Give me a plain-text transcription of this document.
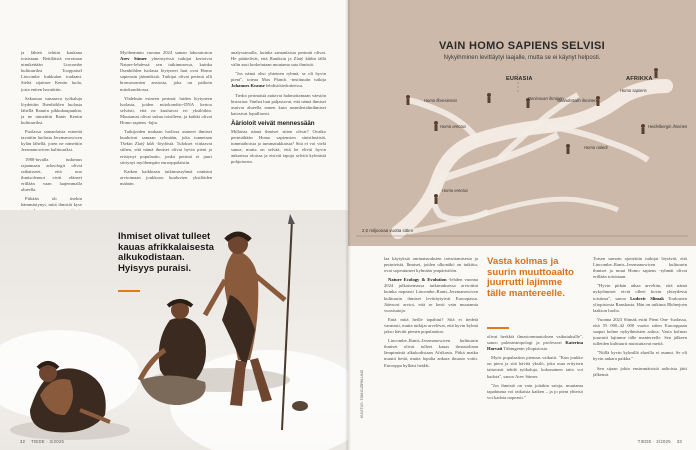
ja lähteä tehtiin kaukana toisistaan. Bettiläisiä verrataan nimikettään Lincombe kulttuuriksi Tooppaisel Lincombe kukkulan tradaani. Sieltä sijaitsee Kentin luola, josta eniten havaittiin.

Sakaasaa vanaaava työkaluja löydettiin Ilsenhöhlen luolasta lähellä Rannin pikkukaupunkia, ja ne nimettiin Ranis Kentin kulttuuriksi.

Puolassa samanlaisia esineitä tavattiin luolasta Jerzmanowicen kylän lähellä, joten ne nimettiin Jerzmanowicen kulttuuriksi.

1980-luvulla tutkimus rajaamaan arkeologit olivat ratkaisseet, että nuo ihmisolennot eivät eläneet erillään vaan laajemmalla alueella.

Pitkään oli itsekin hämmästynyt, mitä ihmisiä kyse

Myöhemmin vuonna 2024 saman laboratorion Arev Sümer yhteistyössä tutkijat kertoivat Nature-lehdessä sen tutkimusessa, kuinka Ilsenhöhlen luolasta löytyneet luut ovat Homo sapiensin jäännöksiä. Tutkijat olivat perimä olli bromosomien ansiosta, joka on paikoin mitokondriossa.

Yhdeksän esineen perimä: luiden löytyneen luolasta, joiden mitokondrio-DNA kertoo selvästi, että ne kuuluivat eri yksilöihin. Muutamat olivat sukua toisilleen, ja kaikki olivat Homo sapiens -lajia.

Tutkijoiden mukaan luolissa asuneet ihmiset kuuluivat samaan ryhmään, joka tunnetaan Tšekin Zlatý kůň -löydöstä. Tulokset viittaavat siihen, että nämä ihmiset olivat hyvin pieni ja eristynyt populaatio, jonka perimä ei juuri siirtynyt myöhempiin eurooppalaisiin.

Kaiken kaikkiaan tutkimusryhmä onnistui arvioimaan joukkoon kuuluvien yksilöiden määrän.

analysoimalla, kuinka samanlaisia perimät olivat. He päättelivät, että Raniksin ja Zlatý kůňin tällä välin asui korkeintaan muutama sata ihmistä.

"Jos nämä olisi yhteinen ryhmä, se oli hyvin pieni", toteaa Max Planck -instituutin tutkija Johannes Krause lehdistötiedotteessa.

Tiedot perimästä auttavat hahmottamaan väestön historiaa: Vanhat luut paljastavat, että nämä ihmiset asuivat alueella ennen kuin neandertalinihmiset katosivat lopullisesti.

Äärioloit veivät mennessään

Millaisia nämä ihmiset sitten olivat? Ovatko perimältään Homo sapiensien sinisilmäisiä, tummaihoisia ja tummatukkaisia? Sitä ei voi vielä sanoa, mutta on selvää, että he elivät hyvin ankarissa oloissa ja etsivät tapoja selvitä kylmästä pohjoisesta.

Ihmiset olivat tulleet kauas afrikkalaisesta alkukodistaan. Hyisyys puraisi.
32 TIEDE · 3/2025
VAIN HOMO SAPIENS SELVISI
Nykyihminen levittäytyi laajalle, mutta se ei käynyt helposti.
EURASIA	AFRIKKA
Homo sapiens
Homo floresiensis	Denisovan ihminen
Neandertalin ihminen
Homo erectus
Homo naledi
Heidelbergin ihminen
Homo erectus
2,0 miljoonaa vuotta sitten

laa käytyksiä ominaisuuksien taivuttamisesta ja perinteistä. Ihmiset, joiden ulkonäkö on tutkittu, ovat sopeutuneet kylmään ympäristöön.

Nature Ecology & Evolution -lehden vuonna 2024 julkaisemassa tutkimuksessa arvioitiin kuinka nopeasti Lincombe–Ranis–Jerzmanowicen kulttuurin ihmiset levittäytyivät Euroopassa. Jäävuori arvioi, että se kesti vain muutamia vuosisatoja.

Entä mitä heille tapahtui? Sitä ei tiedetä varmasti, mutta tutkijat arvelevat, että hyvin kylmä jakso hävitti pienen populaation.

Lincombe–Ranis–Jerzmanowicen kulttuurin ihmiset olivat tulleet kauas ilmastoltaan lämpimästä alkukodistaan Afrikasta. Pitkä matka muutti heitä, mutta lopulta ankara ilmasto voitti. Eurooppa hylkäsi heidät.

Vasta kolmas ja suurin muuttoaalto juurrutti lajimme tälle mantereelle.

olivat herkkiä ilmastonmuutoksen vaikutuksille", sanoo paleoantropologi ja professori Katerina Harvati Tübingenin yliopistosta.

Myös populaation pienuus vaikutti. "Kun joukko on pieni ja sitä hävitä yksilö, joka osaa erityisen taitavasti tehdä työkaluja, kokonainen taito voi kadota", sanoo Arev Sümer.

"Jos ihmisiä on vain joitakin satoja, muutama tapahtuma voi ratkaista kaiken – ja jo pieni yhteisö voi kadota nopeasti."

Toisen samoin ajoitettiin tutkijat löytävät, että Lincombe–Ranis–Jerzmanowicen kulttuurin ihmiset ja muut Homo sapiens -ryhmät olivat erillään toisistaan.

"Hyvin pitkän aikaa arveltiin, että nämä nykyihmiset eivät olleet kovin yhteydessä toisiinsa", sanoo Ludovic Slimak Toulousen yliopistosta Ranskasta. Hän on tutkinut Rhônejoen laakson luolia.

Vuonna 2023 Slimak esitti Pieni One -luolassa, että 55 000–42 000 vuotta sitten Eurooppaan saapui kolme nykyihmisten aaltoa. Vasta kolmas juurrutti lajimme tälle mantereelle. Sen jälkeen tulleiden kulttuurit muistuttavat meitä.

"Niillä hyvin kylmillä alueilla ei asunut. Se oli hyvin ankara paikka."

Sen sijaan jokin ensimmäisistä aaltoista jätti jälkensä.

TIEDE · 3/2025 33
KUVITUS: TOM BJÖRKLUND
